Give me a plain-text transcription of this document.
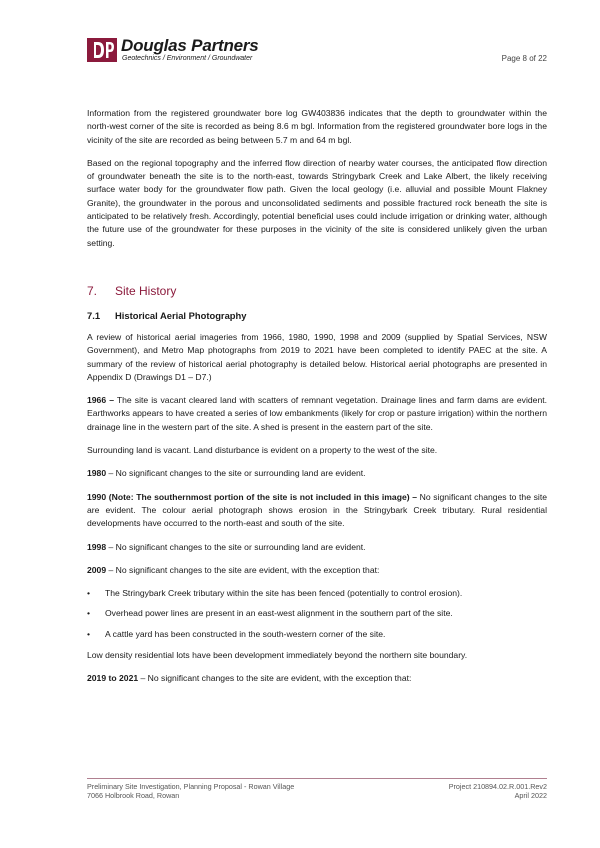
Douglas Partners
Geotechnics / Environment / Groundwater	Page 8 of 22

Information from the registered groundwater bore log GW403836 indicates that the depth to groundwater within the north-west corner of the site is recorded as being 8.6 m bgl. Information from the registered groundwater bore logs in the vicinity of the site are recorded as being between 5.7 m and 64 m bgl.

Based on the regional topography and the inferred flow direction of nearby water courses, the anticipated flow direction of groundwater beneath the site is to the north-east, towards Stringybark Creek and Lake Albert, the likely receiving surface water body for the groundwater flow path. Given the local geology (i.e. alluvial and possible Mount Flakney Granite), the groundwater in the porous and unconsolidated sediments and possible fractured rock beneath the site is anticipated to be relatively fresh. Accordingly, potential beneficial uses could include irrigation or drinking water, although the future use of the groundwater for these purposes in the vicinity of the site is considered unlikely given the urban setting.

7. Site History
7.1 Historical Aerial Photography

A review of historical aerial imageries from 1966, 1980, 1990, 1998 and 2009 (supplied by Spatial Services, NSW Government), and Metro Map photographs from 2019 to 2021 have been completed to identify PAEC at the site. A summary of the review of historical aerial photography is detailed below. Historical aerial photographs are presented in Appendix D (Drawings D1 – D7.)

1966 – The site is vacant cleared land with scatters of remnant vegetation. Drainage lines and farm dams are evident. Earthworks appears to have created a series of low embankments (likely for crop or pasture irrigation) within the northern drainage line in the western part of the site. A shed is present in the eastern part of the site.

Surrounding land is vacant. Land disturbance is evident on a property to the west of the site.

1980 – No significant changes to the site or surrounding land are evident.

1990 (Note: The southernmost portion of the site is not included in this image) – No significant changes to the site are evident. The colour aerial photograph shows erosion in the Stringybark Creek tributary. Rural residential developments have occurred to the north-east and south of the site.

1998 – No significant changes to the site or surrounding land are evident.

2009 – No significant changes to the site are evident, with the exception that:

• The Stringybark Creek tributary within the site has been fenced (potentially to control erosion).
• Overhead power lines are present in an east-west alignment in the southern part of the site.
• A cattle yard has been constructed in the south-western corner of the site.

Low density residential lots have been development immediately beyond the northern site boundary.

2019 to 2021 – No significant changes to the site are evident, with the exception that:

Preliminary Site Investigation, Planning Proposal - Rowan Village
7066 Holbrook Road, Rowan
Project 210894.02.R.001.Rev2
April 2022
